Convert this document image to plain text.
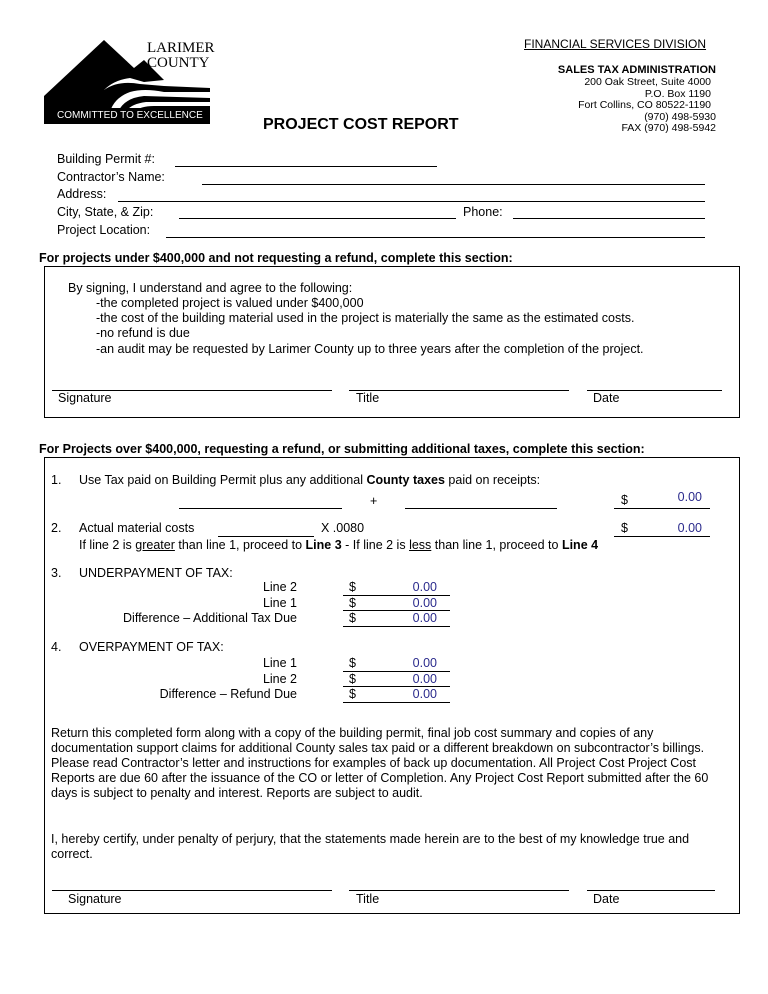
LARIMER
COUNTY
COMMITTED TO EXCELLENCE
FINANCIAL SERVICES DIVISION
SALES TAX ADMINISTRATION
200 Oak Street, Suite 4000
P.O. Box 1190
Fort Collins, CO 80522-1190
(970) 498-5930
FAX (970) 498-5942
PROJECT COST REPORT
Building Permit #:
Contractor’s Name:
Address:
City, State, & Zip:	Phone:
Project Location:
For projects under $400,000 and not requesting a refund, complete this section:
By signing, I understand and agree to the following:
-the completed project is valued under $400,000
-the cost of the building material used in the project is materially the same as the estimated costs.
-no refund is due
-an audit may be requested by Larimer County up to three years after the completion of the project.
Signature	Title	Date
For Projects over $400,000, requesting a refund, or submitting additional taxes, complete this section:
1. Use Tax paid on Building Permit plus any additional County taxes paid on receipts:
+	$	0.00
2. Actual material costs	X .0080	$	0.00
If line 2 is greater than line 1, proceed to Line 3 - If line 2 is less than line 1, proceed to Line 4
3. UNDERPAYMENT OF TAX:
Line 2	$	0.00
Line 1	$	0.00
Difference – Additional Tax Due	$	0.00
4. OVERPAYMENT OF TAX:
Line 1	$	0.00
Line 2	$	0.00
Difference – Refund Due	$	0.00
Return this completed form along with a copy of the building permit, final job cost summary and copies of any documentation support claims for additional County sales tax paid or a different breakdown on subcontractor’s billings. Please read Contractor’s letter and instructions for examples of back up documentation. All Project Cost Project Cost Reports are due 60 after the issuance of the CO or letter of Completion. Any Project Cost Report submitted after the 60 days is subject to penalty and interest. Reports are subject to audit.
I, hereby certify, under penalty of perjury, that the statements made herein are to the best of my knowledge true and correct.
Signature	Title	Date
